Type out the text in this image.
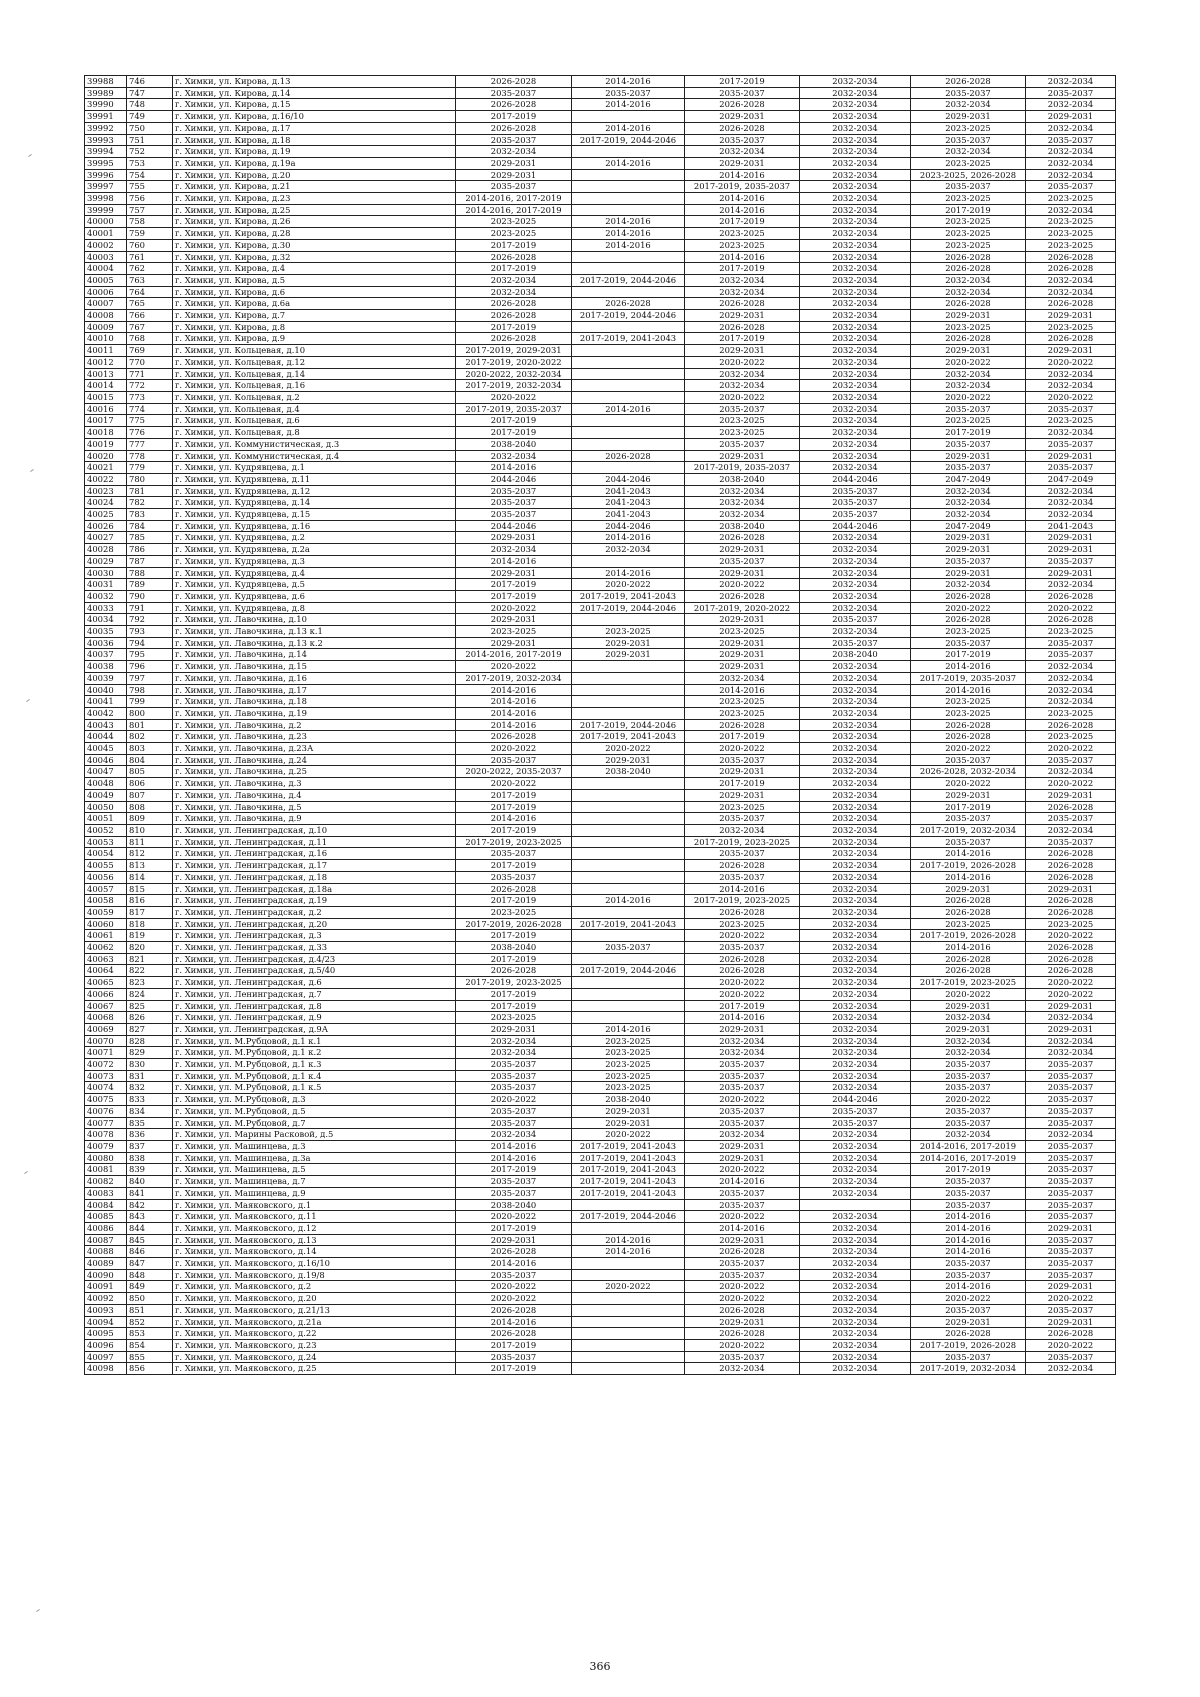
39988	746	г. Химки, ул. Кирова, д.13	2026-2028	2014-2016	2017-2019	2032-2034	2026-2028	2032-2034
39989	747	г. Химки, ул. Кирова, д.14	2035-2037	2035-2037	2035-2037	2032-2034	2035-2037	2035-2037
39990	748	г. Химки, ул. Кирова, д.15	2026-2028	2014-2016	2026-2028	2032-2034	2032-2034	2032-2034
39991	749	г. Химки, ул. Кирова, д.16/10	2017-2019		2029-2031	2032-2034	2029-2031	2029-2031
39992	750	г. Химки, ул. Кирова, д.17	2026-2028	2014-2016	2026-2028	2032-2034	2023-2025	2032-2034
39993	751	г. Химки, ул. Кирова, д.18	2035-2037	2017-2019, 2044-2046	2035-2037	2032-2034	2035-2037	2035-2037
39994	752	г. Химки, ул. Кирова, д.19	2032-2034		2032-2034	2032-2034	2032-2034	2032-2034
39995	753	г. Химки, ул. Кирова, д.19а	2029-2031	2014-2016	2029-2031	2032-2034	2023-2025	2032-2034
39996	754	г. Химки, ул. Кирова, д.20	2029-2031		2014-2016	2032-2034	2023-2025, 2026-2028	2032-2034
39997	755	г. Химки, ул. Кирова, д.21	2035-2037		2017-2019, 2035-2037	2032-2034	2035-2037	2035-2037
39998	756	г. Химки, ул. Кирова, д.23	2014-2016, 2017-2019		2014-2016	2032-2034	2023-2025	2023-2025
39999	757	г. Химки, ул. Кирова, д.25	2014-2016, 2017-2019		2014-2016	2032-2034	2017-2019	2032-2034
40000	758	г. Химки, ул. Кирова, д.26	2023-2025	2014-2016	2017-2019	2032-2034	2023-2025	2023-2025
40001	759	г. Химки, ул. Кирова, д.28	2023-2025	2014-2016	2023-2025	2032-2034	2023-2025	2023-2025
40002	760	г. Химки, ул. Кирова, д.30	2017-2019	2014-2016	2023-2025	2032-2034	2023-2025	2023-2025
40003	761	г. Химки, ул. Кирова, д.32	2026-2028		2014-2016	2032-2034	2026-2028	2026-2028
40004	762	г. Химки, ул. Кирова, д.4	2017-2019		2017-2019	2032-2034	2026-2028	2026-2028
40005	763	г. Химки, ул. Кирова, д.5	2032-2034	2017-2019, 2044-2046	2032-2034	2032-2034	2032-2034	2032-2034
40006	764	г. Химки, ул. Кирова, д.6	2032-2034		2032-2034	2032-2034	2032-2034	2032-2034
40007	765	г. Химки, ул. Кирова, д.6а	2026-2028	2026-2028	2026-2028	2032-2034	2026-2028	2026-2028
40008	766	г. Химки, ул. Кирова, д.7	2026-2028	2017-2019, 2044-2046	2029-2031	2032-2034	2029-2031	2029-2031
40009	767	г. Химки, ул. Кирова, д.8	2017-2019		2026-2028	2032-2034	2023-2025	2023-2025
40010	768	г. Химки, ул. Кирова, д.9	2026-2028	2017-2019, 2041-2043	2017-2019	2032-2034	2026-2028	2026-2028
40011	769	г. Химки, ул. Кольцевая, д.10	2017-2019, 2029-2031		2029-2031	2032-2034	2029-2031	2029-2031
40012	770	г. Химки, ул. Кольцевая, д.12	2017-2019, 2020-2022		2020-2022	2032-2034	2020-2022	2020-2022
40013	771	г. Химки, ул. Кольцевая, д.14	2020-2022, 2032-2034		2032-2034	2032-2034	2032-2034	2032-2034
40014	772	г. Химки, ул. Кольцевая, д.16	2017-2019, 2032-2034		2032-2034	2032-2034	2032-2034	2032-2034
40015	773	г. Химки, ул. Кольцевая, д.2	2020-2022		2020-2022	2032-2034	2020-2022	2020-2022
40016	774	г. Химки, ул. Кольцевая, д.4	2017-2019, 2035-2037	2014-2016	2035-2037	2032-2034	2035-2037	2035-2037
40017	775	г. Химки, ул. Кольцевая, д.6	2017-2019		2023-2025	2032-2034	2023-2025	2023-2025
40018	776	г. Химки, ул. Кольцевая, д.8	2017-2019		2023-2025	2032-2034	2017-2019	2032-2034
40019	777	г. Химки, ул. Коммунистическая, д.3	2038-2040		2035-2037	2032-2034	2035-2037	2035-2037
40020	778	г. Химки, ул. Коммунистическая, д.4	2032-2034	2026-2028	2029-2031	2032-2034	2029-2031	2029-2031
40021	779	г. Химки, ул. Кудрявцева, д.1	2014-2016		2017-2019, 2035-2037	2032-2034	2035-2037	2035-2037
40022	780	г. Химки, ул. Кудрявцева, д.11	2044-2046	2044-2046	2038-2040	2044-2046	2047-2049	2047-2049
40023	781	г. Химки, ул. Кудрявцева, д.12	2035-2037	2041-2043	2032-2034	2035-2037	2032-2034	2032-2034
40024	782	г. Химки, ул. Кудрявцева, д.14	2035-2037	2041-2043	2032-2034	2035-2037	2032-2034	2032-2034
40025	783	г. Химки, ул. Кудрявцева, д.15	2035-2037	2041-2043	2032-2034	2035-2037	2032-2034	2032-2034
40026	784	г. Химки, ул. Кудрявцева, д.16	2044-2046	2044-2046	2038-2040	2044-2046	2047-2049	2041-2043
40027	785	г. Химки, ул. Кудрявцева, д.2	2029-2031	2014-2016	2026-2028	2032-2034	2029-2031	2029-2031
40028	786	г. Химки, ул. Кудрявцева, д.2а	2032-2034	2032-2034	2029-2031	2032-2034	2029-2031	2029-2031
40029	787	г. Химки, ул. Кудрявцева, д.3	2014-2016		2035-2037	2032-2034	2035-2037	2035-2037
40030	788	г. Химки, ул. Кудрявцева, д.4	2029-2031	2014-2016	2029-2031	2032-2034	2029-2031	2029-2031
40031	789	г. Химки, ул. Кудрявцева, д.5	2017-2019	2020-2022	2020-2022	2032-2034	2032-2034	2032-2034
40032	790	г. Химки, ул. Кудрявцева, д.6	2017-2019	2017-2019, 2041-2043	2026-2028	2032-2034	2026-2028	2026-2028
40033	791	г. Химки, ул. Кудрявцева, д.8	2020-2022	2017-2019, 2044-2046	2017-2019, 2020-2022	2032-2034	2020-2022	2020-2022
40034	792	г. Химки, ул. Лавочкина, д.10	2029-2031		2029-2031	2035-2037	2026-2028	2026-2028
40035	793	г. Химки, ул. Лавочкина, д.13 к.1	2023-2025	2023-2025	2023-2025	2032-2034	2023-2025	2023-2025
40036	794	г. Химки, ул. Лавочкина, д.13 к.2	2029-2031	2029-2031	2029-2031	2035-2037	2035-2037	2035-2037
40037	795	г. Химки, ул. Лавочкина, д.14	2014-2016, 2017-2019	2029-2031	2029-2031	2038-2040	2017-2019	2035-2037
40038	796	г. Химки, ул. Лавочкина, д.15	2020-2022		2029-2031	2032-2034	2014-2016	2032-2034
40039	797	г. Химки, ул. Лавочкина, д.16	2017-2019, 2032-2034		2032-2034	2032-2034	2017-2019, 2035-2037	2032-2034
40040	798	г. Химки, ул. Лавочкина, д.17	2014-2016		2014-2016	2032-2034	2014-2016	2032-2034
40041	799	г. Химки, ул. Лавочкина, д.18	2014-2016		2023-2025	2032-2034	2023-2025	2032-2034
40042	800	г. Химки, ул. Лавочкина, д.19	2014-2016		2023-2025	2032-2034	2023-2025	2023-2025
40043	801	г. Химки, ул. Лавочкина, д.2	2014-2016	2017-2019, 2044-2046	2026-2028	2032-2034	2026-2028	2026-2028
40044	802	г. Химки, ул. Лавочкина, д.23	2026-2028	2017-2019, 2041-2043	2017-2019	2032-2034	2026-2028	2023-2025
40045	803	г. Химки, ул. Лавочкина, д.23А	2020-2022	2020-2022	2020-2022	2032-2034	2020-2022	2020-2022
40046	804	г. Химки, ул. Лавочкина, д.24	2035-2037	2029-2031	2035-2037	2032-2034	2035-2037	2035-2037
40047	805	г. Химки, ул. Лавочкина, д.25	2020-2022, 2035-2037	2038-2040	2029-2031	2032-2034	2026-2028, 2032-2034	2032-2034
40048	806	г. Химки, ул. Лавочкина, д.3	2020-2022		2017-2019	2032-2034	2020-2022	2020-2022
40049	807	г. Химки, ул. Лавочкина, д.4	2017-2019		2029-2031	2032-2034	2029-2031	2029-2031
40050	808	г. Химки, ул. Лавочкина, д.5	2017-2019		2023-2025	2032-2034	2017-2019	2026-2028
40051	809	г. Химки, ул. Лавочкина, д.9	2014-2016		2035-2037	2032-2034	2035-2037	2035-2037
40052	810	г. Химки, ул. Ленинградская, д.10	2017-2019		2032-2034	2032-2034	2017-2019, 2032-2034	2032-2034
40053	811	г. Химки, ул. Ленинградская, д.11	2017-2019, 2023-2025		2017-2019, 2023-2025	2032-2034	2035-2037	2035-2037
40054	812	г. Химки, ул. Ленинградская, д.16	2035-2037		2035-2037	2032-2034	2014-2016	2026-2028
40055	813	г. Химки, ул. Ленинградская, д.17	2017-2019		2026-2028	2032-2034	2017-2019, 2026-2028	2026-2028
40056	814	г. Химки, ул. Ленинградская, д.18	2035-2037		2035-2037	2032-2034	2014-2016	2026-2028
40057	815	г. Химки, ул. Ленинградская, д.18а	2026-2028		2014-2016	2032-2034	2029-2031	2029-2031
40058	816	г. Химки, ул. Ленинградская, д.19	2017-2019	2014-2016	2017-2019, 2023-2025	2032-2034	2026-2028	2026-2028
40059	817	г. Химки, ул. Ленинградская, д.2	2023-2025		2026-2028	2032-2034	2026-2028	2026-2028
40060	818	г. Химки, ул. Ленинградская, д.20	2017-2019, 2026-2028	2017-2019, 2041-2043	2023-2025	2032-2034	2023-2025	2023-2025
40061	819	г. Химки, ул. Ленинградская, д.3	2017-2019		2020-2022	2032-2034	2017-2019, 2026-2028	2020-2022
40062	820	г. Химки, ул. Ленинградская, д.33	2038-2040	2035-2037	2035-2037	2032-2034	2014-2016	2026-2028
40063	821	г. Химки, ул. Ленинградская, д.4/23	2017-2019		2026-2028	2032-2034	2026-2028	2026-2028
40064	822	г. Химки, ул. Ленинградская, д.5/40	2026-2028	2017-2019, 2044-2046	2026-2028	2032-2034	2026-2028	2026-2028
40065	823	г. Химки, ул. Ленинградская, д.6	2017-2019, 2023-2025		2020-2022	2032-2034	2017-2019, 2023-2025	2020-2022
40066	824	г. Химки, ул. Ленинградская, д.7	2017-2019		2020-2022	2032-2034	2020-2022	2020-2022
40067	825	г. Химки, ул. Ленинградская, д.8	2017-2019		2017-2019	2032-2034	2029-2031	2029-2031
40068	826	г. Химки, ул. Ленинградская, д.9	2023-2025		2014-2016	2032-2034	2032-2034	2032-2034
40069	827	г. Химки, ул. Ленинградская, д.9А	2029-2031	2014-2016	2029-2031	2032-2034	2029-2031	2029-2031
40070	828	г. Химки, ул. М.Рубцовой, д.1 к.1	2032-2034	2023-2025	2032-2034	2032-2034	2032-2034	2032-2034
40071	829	г. Химки, ул. М.Рубцовой, д.1 к.2	2032-2034	2023-2025	2032-2034	2032-2034	2032-2034	2032-2034
40072	830	г. Химки, ул. М.Рубцовой, д.1 к.3	2035-2037	2023-2025	2035-2037	2032-2034	2035-2037	2035-2037
40073	831	г. Химки, ул. М.Рубцовой, д.1 к.4	2035-2037	2023-2025	2035-2037	2032-2034	2035-2037	2035-2037
40074	832	г. Химки, ул. М.Рубцовой, д.1 к.5	2035-2037	2023-2025	2035-2037	2032-2034	2035-2037	2035-2037
40075	833	г. Химки, ул. М.Рубцовой, д.3	2020-2022	2038-2040	2020-2022	2044-2046	2020-2022	2035-2037
40076	834	г. Химки, ул. М.Рубцовой, д.5	2035-2037	2029-2031	2035-2037	2035-2037	2035-2037	2035-2037
40077	835	г. Химки, ул. М.Рубцовой, д.7	2035-2037	2029-2031	2035-2037	2035-2037	2035-2037	2035-2037
40078	836	г. Химки, ул. Марины Расковой, д.5	2032-2034	2020-2022	2032-2034	2032-2034	2032-2034	2032-2034
40079	837	г. Химки, ул. Машинцева, д.3	2014-2016	2017-2019, 2041-2043	2029-2031	2032-2034	2014-2016, 2017-2019	2035-2037
40080	838	г. Химки, ул. Машинцева, д.3а	2014-2016	2017-2019, 2041-2043	2029-2031	2032-2034	2014-2016, 2017-2019	2035-2037
40081	839	г. Химки, ул. Машинцева, д.5	2017-2019	2017-2019, 2041-2043	2020-2022	2032-2034	2017-2019	2035-2037
40082	840	г. Химки, ул. Машинцева, д.7	2035-2037	2017-2019, 2041-2043	2014-2016	2032-2034	2035-2037	2035-2037
40083	841	г. Химки, ул. Машинцева, д.9	2035-2037	2017-2019, 2041-2043	2035-2037	2032-2034	2035-2037	2035-2037
40084	842	г. Химки, ул. Маяковского, д.1	2038-2040		2035-2037		2035-2037	2035-2037
40085	843	г. Химки, ул. Маяковского, д.11	2020-2022	2017-2019, 2044-2046	2020-2022	2032-2034	2014-2016	2035-2037
40086	844	г. Химки, ул. Маяковского, д.12	2017-2019		2014-2016	2032-2034	2014-2016	2029-2031
40087	845	г. Химки, ул. Маяковского, д.13	2029-2031	2014-2016	2029-2031	2032-2034	2014-2016	2035-2037
40088	846	г. Химки, ул. Маяковского, д.14	2026-2028	2014-2016	2026-2028	2032-2034	2014-2016	2035-2037
40089	847	г. Химки, ул. Маяковского, д.16/10	2014-2016		2035-2037	2032-2034	2035-2037	2035-2037
40090	848	г. Химки, ул. Маяковского, д.19/8	2035-2037		2035-2037	2032-2034	2035-2037	2035-2037
40091	849	г. Химки, ул. Маяковского, д.2	2020-2022	2020-2022	2020-2022	2032-2034	2014-2016	2029-2031
40092	850	г. Химки, ул. Маяковского, д.20	2020-2022		2020-2022	2032-2034	2020-2022	2020-2022
40093	851	г. Химки, ул. Маяковского, д.21/13	2026-2028		2026-2028	2032-2034	2035-2037	2035-2037
40094	852	г. Химки, ул. Маяковского, д.21а	2014-2016		2029-2031	2032-2034	2029-2031	2029-2031
40095	853	г. Химки, ул. Маяковского, д.22	2026-2028		2026-2028	2032-2034	2026-2028	2026-2028
40096	854	г. Химки, ул. Маяковского, д.23	2017-2019		2020-2022	2032-2034	2017-2019, 2026-2028	2020-2022
40097	855	г. Химки, ул. Маяковского, д.24	2035-2037		2035-2037	2032-2034	2035-2037	2035-2037
40098	856	г. Химки, ул. Маяковского, д.25	2017-2019		2032-2034	2032-2034	2017-2019, 2032-2034	2032-2034
366
